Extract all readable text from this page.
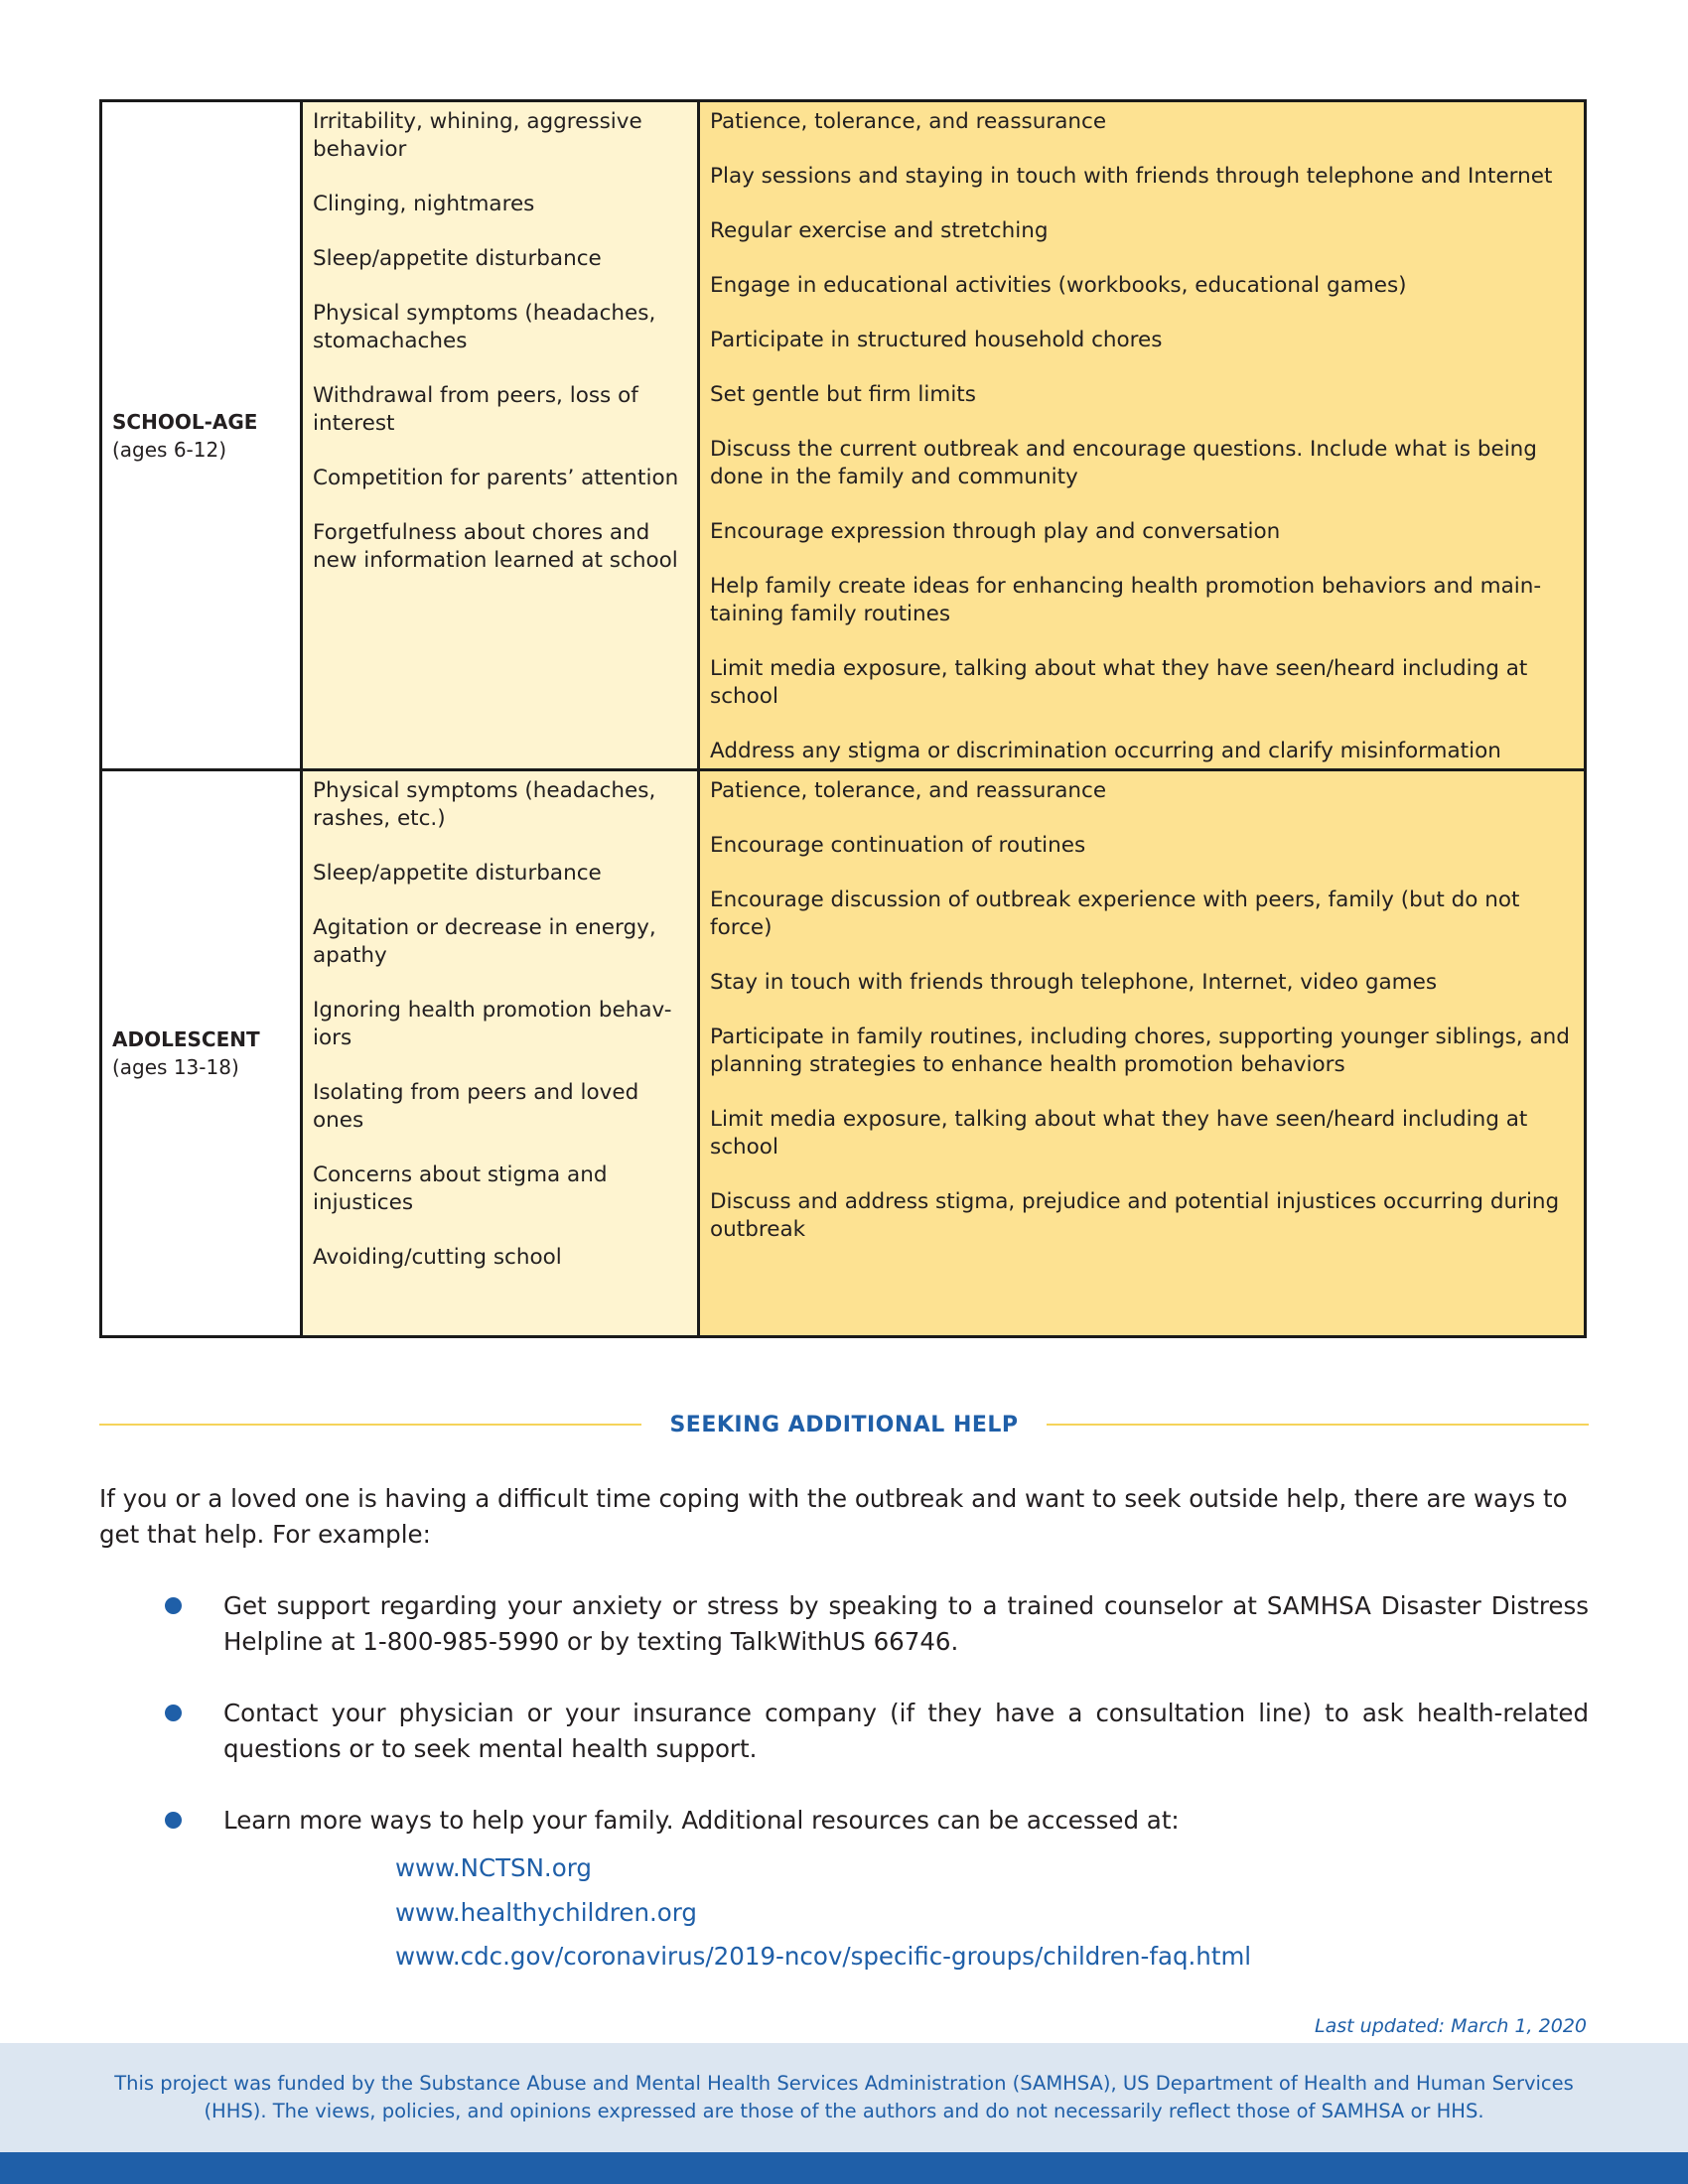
SCHOOL-AGE
(ages 6-12)
Irritability, whining, aggressive behavior
Clinging, nightmares
Sleep/appetite disturbance
Physical symptoms (headaches, stomachaches
Withdrawal from peers, loss of interest
Competition for parents’ attention
Forgetfulness about chores and new information learned at school
Patience, tolerance, and reassurance
Play sessions and staying in touch with friends through telephone and Internet
Regular exercise and stretching
Engage in educational activities (workbooks, educational games)
Participate in structured household chores
Set gentle but firm limits
Discuss the current outbreak and encourage questions. Include what is being done in the family and community
Encourage expression through play and conversation
Help family create ideas for enhancing health promotion behaviors and main-taining family routines
Limit media exposure, talking about what they have seen/heard including at school
Address any stigma or discrimination occurring and clarify misinformation
ADOLESCENT
(ages 13-18)
Physical symptoms (headaches, rashes, etc.)
Sleep/appetite disturbance
Agitation or decrease in energy, apathy
Ignoring health promotion behav-iors
Isolating from peers and loved ones
Concerns about stigma and injustices
Avoiding/cutting school
Patience, tolerance, and reassurance
Encourage continuation of routines
Encourage discussion of outbreak experience with peers, family (but do not force)
Stay in touch with friends through telephone, Internet, video games
Participate in family routines, including chores, supporting younger siblings, and planning strategies to enhance health promotion behaviors
Limit media exposure, talking about what they have seen/heard including at school
Discuss and address stigma, prejudice and potential injustices occurring during outbreak
SEEKING ADDITIONAL HELP

If you or a loved one is having a difficult time coping with the outbreak and want to seek outside help, there are ways to get that help. For example:

Get support regarding your anxiety or stress by speaking to a trained counselor at SAMHSA Disaster Distress Helpline at 1-800-985-5990 or by texting TalkWithUS 66746.
Contact your physician or your insurance company (if they have a consultation line) to ask health-related questions or to seek mental health support.
Learn more ways to help your family. Additional resources can be accessed at:
www.NCTSN.org
www.healthychildren.org
www.cdc.gov/coronavirus/2019-ncov/specific-groups/children-faq.html
Last updated: March 1, 2020

This project was funded by the Substance Abuse and Mental Health Services Administration (SAMHSA), US Department of Health and Human Services (HHS). The views, policies, and opinions expressed are those of the authors and do not necessarily reflect those of SAMHSA or HHS.
